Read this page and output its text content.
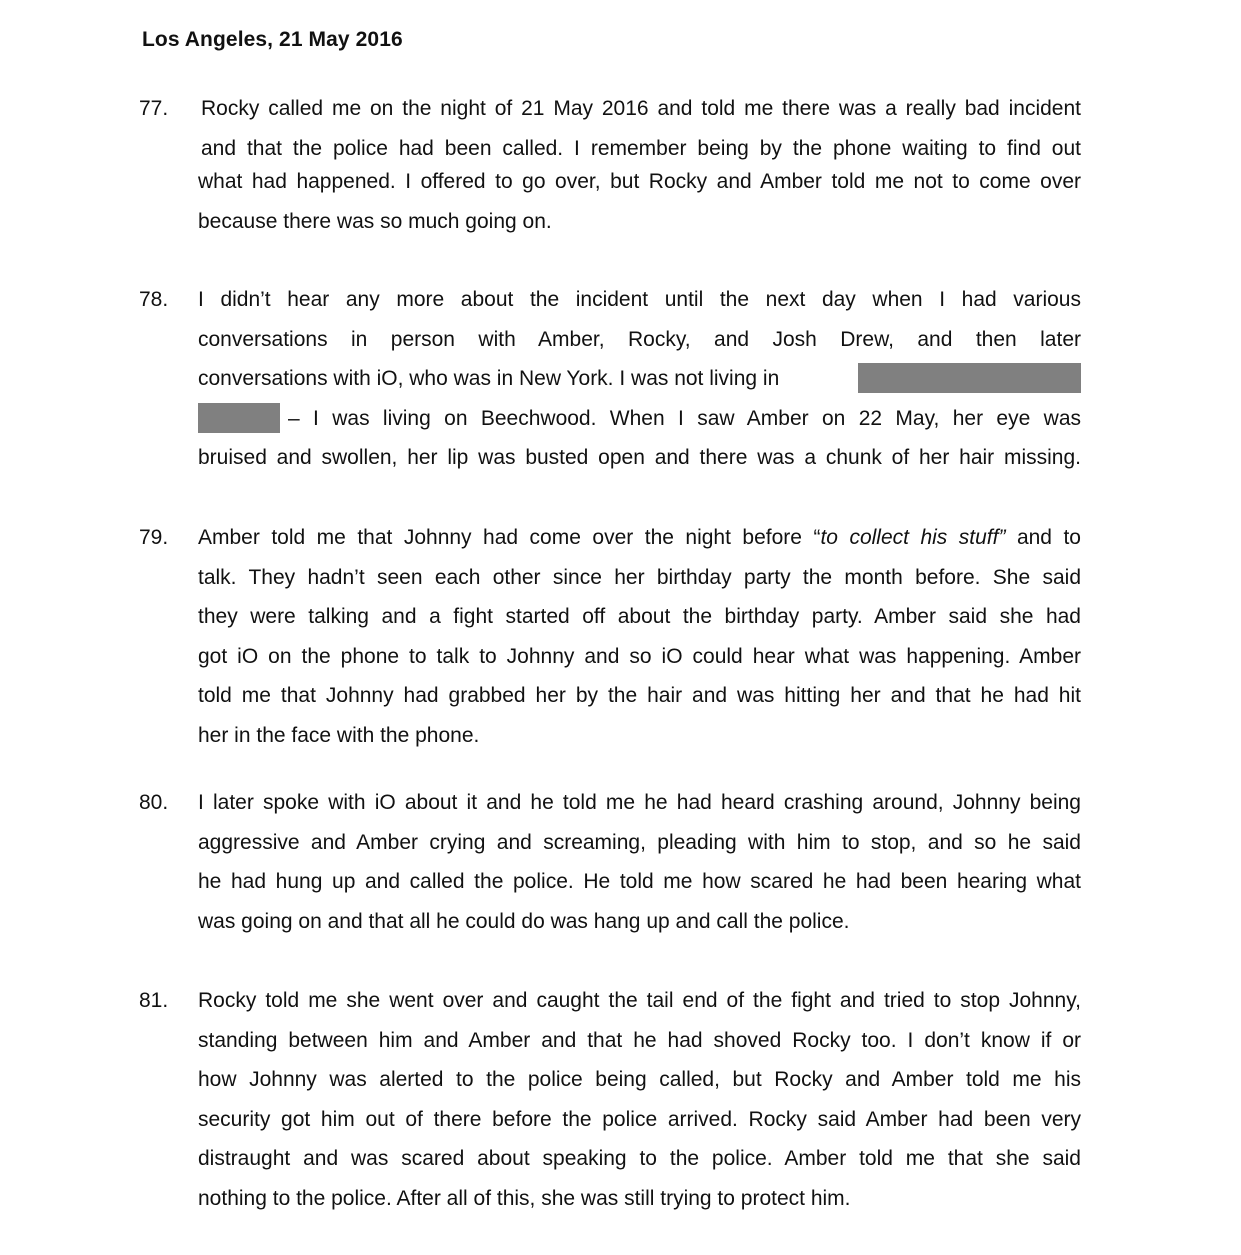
Los Angeles, 21 May 2016
77. Rocky called me on the night of 21 May 2016 and told me there was a really bad incident
and that the police had been called. I remember being by the phone waiting to find out
what had happened. I offered to go over, but Rocky and Amber told me not to come over
because there was so much going on.
78. I didn’t hear any more about the incident until the next day when I had various
conversations in person with Amber, Rocky, and Josh Drew, and then later
conversations with iO, who was in New York. I was not living in
– I was living on Beechwood. When I saw Amber on 22 May, her eye was
bruised and swollen, her lip was busted open and there was a chunk of her hair missing.
79. Amber told me that Johnny had come over the night before “to collect his stuff” and to
talk. They hadn’t seen each other since her birthday party the month before. She said
they were talking and a fight started off about the birthday party. Amber said she had
got iO on the phone to talk to Johnny and so iO could hear what was happening. Amber
told me that Johnny had grabbed her by the hair and was hitting her and that he had hit
her in the face with the phone.
80. I later spoke with iO about it and he told me he had heard crashing around, Johnny being
aggressive and Amber crying and screaming, pleading with him to stop, and so he said
he had hung up and called the police. He told me how scared he had been hearing what
was going on and that all he could do was hang up and call the police.
81. Rocky told me she went over and caught the tail end of the fight and tried to stop Johnny,
standing between him and Amber and that he had shoved Rocky too. I don’t know if or
how Johnny was alerted to the police being called, but Rocky and Amber told me his
security got him out of there before the police arrived. Rocky said Amber had been very
distraught and was scared about speaking to the police. Amber told me that she said
nothing to the police. After all of this, she was still trying to protect him.
